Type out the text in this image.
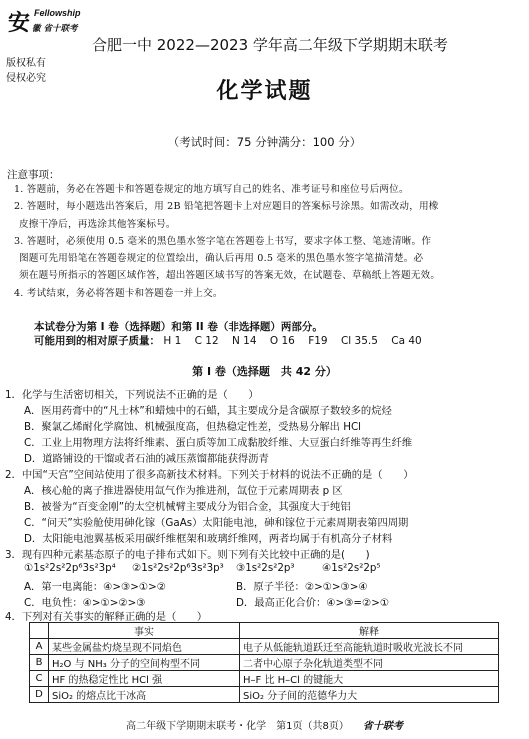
安 Fellowship
徽 省十联考
版权私有
侵权必究
合肥一中 2022—2023 学年高二年级下学期期末联考
化学试题
（考试时间：75 分钟满分：100 分）
注意事项：
1. 答题前，务必在答题卡和答题卷规定的地方填写自己的姓名、准考证号和座位号后两位。
2. 答题时，每小题选出答案后，用 2B 铅笔把答题卡上对应题目的答案标号涂黑。如需改动，用橡
皮擦干净后，再选涂其他答案标号。
3. 答题时，必须使用 0.5 毫米的黑色墨水签字笔在答题卷上书写，要求字体工整、笔迹清晰。作
图题可先用铅笔在答题卷规定的位置绘出，确认后再用 0.5 毫米的黑色墨水签字笔描清楚。必
须在题号所指示的答题区域作答，超出答题区域书写的答案无效，在试题卷、草稿纸上答题无效。
4. 考试结束，务必将答题卡和答题卷一并上交。
本试卷分为第 I 卷（选择题）和第 II 卷（非选择题）两部分。
可能用到的相对原子质量： H 1    C 12    N 14    O 16    F19    Cl 35.5    Ca 40
第 I 卷（选择题　共 42 分）
1．化学与生活密切相关，下列说法不正确的是（　　）
A．医用药膏中的“凡士林”和蜡烛中的石蜡，其主要成分是含碳原子数较多的烷烃
B．聚氯乙烯耐化学腐蚀、机械强度高，但热稳定性差，受热易分解出 HCl
C．工业上用物理方法将纤维素、蛋白质等加工成黏胶纤维、大豆蛋白纤维等再生纤维
D．道路铺设的干馏或者石油的减压蒸馏都能获得沥青
2．中国“天宫”空间站使用了很多高新技术材料。下列关于材料的说法不正确的是（　　）
A．核心舱的离子推进器使用氙气作为推进剂，氙位于元素周期表 p 区
B．被誉为“百变金刚”的太空机械臂主要成分为铝合金，其强度大于纯铝
C．“问天”实验舱使用砷化镓（GaAs）太阳能电池，砷和镓位于元素周期表第四周期
D．太阳能电池翼基板采用碳纤维框架和玻璃纤维网，两者均属于有机高分子材料
3．现有四种元素基态原子的电子排布式如下。则下列有关比较中正确的是(　　)
①1s²2s²2p⁶3s²3p⁴ ②1s²2s²2p⁶3s²3p³ ③1s²2s²2p³	④1s²2s²2p⁵
A．第一电离能：④>③>①>②	B．原子半径：②>①>③>④
C．电负性：④>①>②>③	D．最高正化合价：④>③=②>①
4．下列对有关事实的解释正确的是（　　）
	事实	解释
A	某些金属盐灼烧呈现不同焰色	电子从低能轨道跃迁至高能轨道时吸收光波长不同
B	H₂O 与 NH₃ 分子的空间构型不同	二者中心原子杂化轨道类型不同
C	HF 的热稳定性比 HCl 强	H–F 比 H–Cl 的键能大
D	SiO₂ 的熔点比干冰高	SiO₂ 分子间的范德华力大
高二年级下学期期末联考・化学　第1页（共8页） 省十联考
